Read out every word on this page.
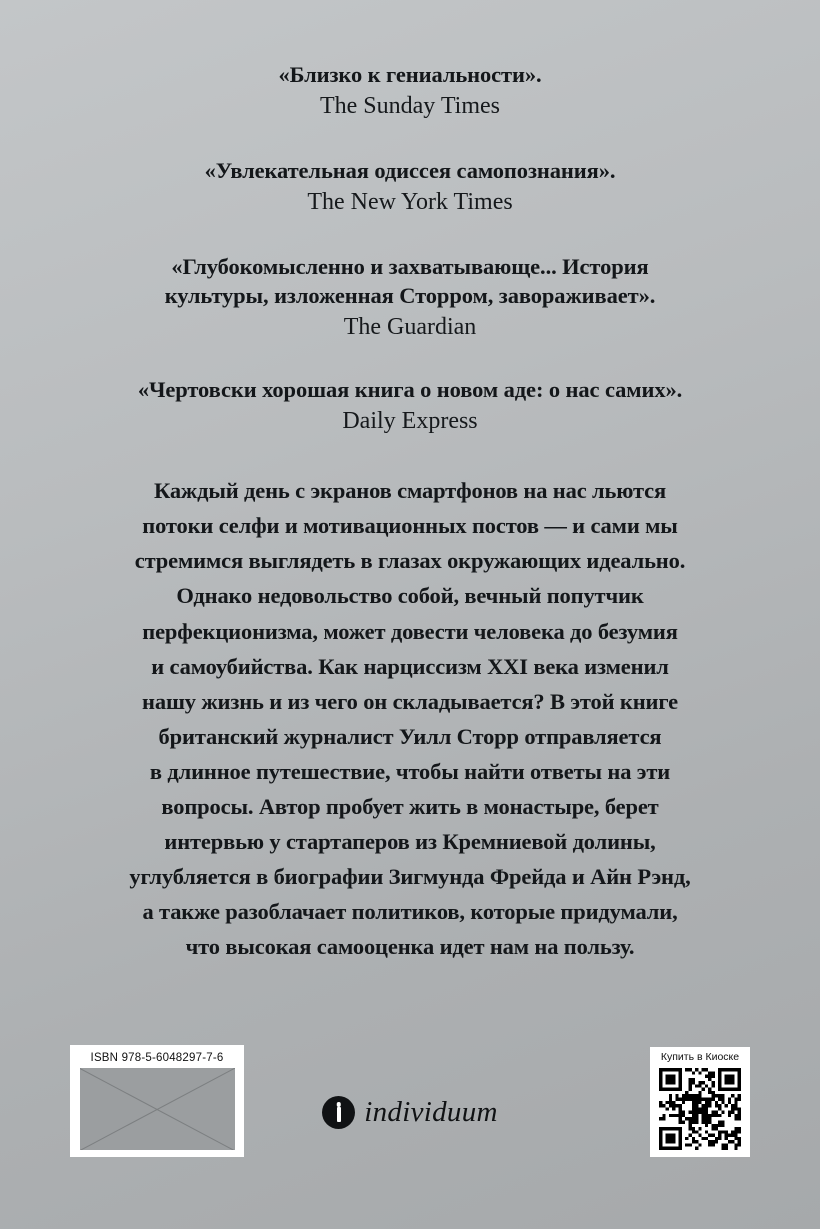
«Близко к гениальности».
The Sunday Times
«Увлекательная одиссея самопознания».
The New York Times
«Глубокомысленно и захватывающе... История
культуры, изложенная Сторром, завораживает».
The Guardian
«Чертовски хорошая книга о новом аде: о нас самих».
Daily Express
Каждый день с экранов смартфонов на нас льются
потоки селфи и мотивационных постов — и сами мы
стремимся выглядеть в глазах окружающих идеально.
Однако недовольство собой, вечный попутчик
перфекционизма, может довести человека до безумия
и самоубийства. Как нарциссизм XXI века изменил
нашу жизнь и из чего он складывается? В этой книге
британский журналист Уилл Сторр отправляется
в длинное путешествие, чтобы найти ответы на эти
вопросы. Автор пробует жить в монастыре, берет
интервью у стартаперов из Кремниевой долины,
углубляется в биографии Зигмунда Фрейда и Айн Рэнд,
а также разоблачает политиков, которые придумали,
что высокая самооценка идет нам на пользу.
ISBN 978-5-6048297-7-6
individuum
Купить в Киоске
